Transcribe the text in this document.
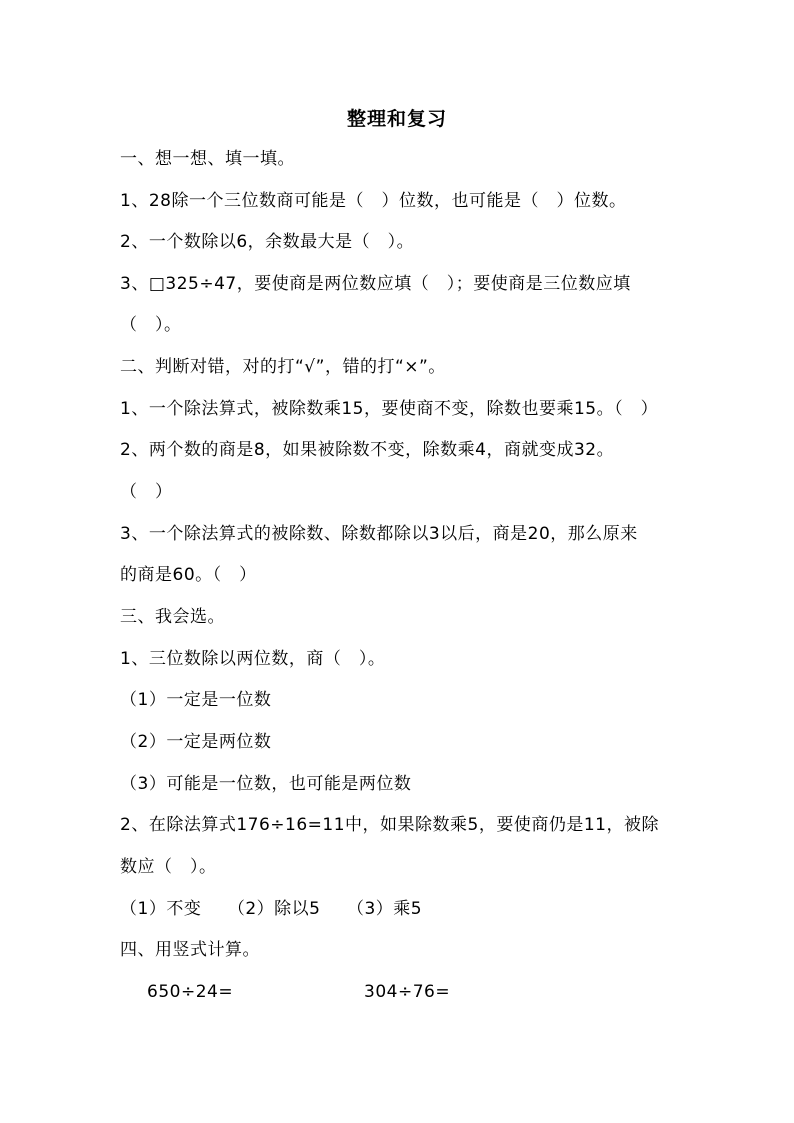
整理和复习
一、想一想、填一填。
1、28除一个三位数商可能是（　）位数，也可能是（　）位数。
2、一个数除以6，余数最大是（　）。
3、□325÷47，要使商是两位数应填（　）；要使商是三位数应填
（　）。
二、判断对错，对的打“√”，错的打“×”。
1、一个除法算式，被除数乘15，要使商不变，除数也要乘15。（　）
2、两个数的商是8，如果被除数不变，除数乘4，商就变成32。
（　）
3、一个除法算式的被除数、除数都除以3以后，商是20，那么原来
的商是60。（　）
三、我会选。
1、三位数除以两位数，商（　）。
（1）一定是一位数
（2）一定是两位数
（3）可能是一位数，也可能是两位数
2、在除法算式176÷16=11中，如果除数乘5，要使商仍是11，被除
数应（　）。
（1）不变　　（2）除以5　　（3）乘5
四、用竖式计算。
650÷24=	304÷76=
